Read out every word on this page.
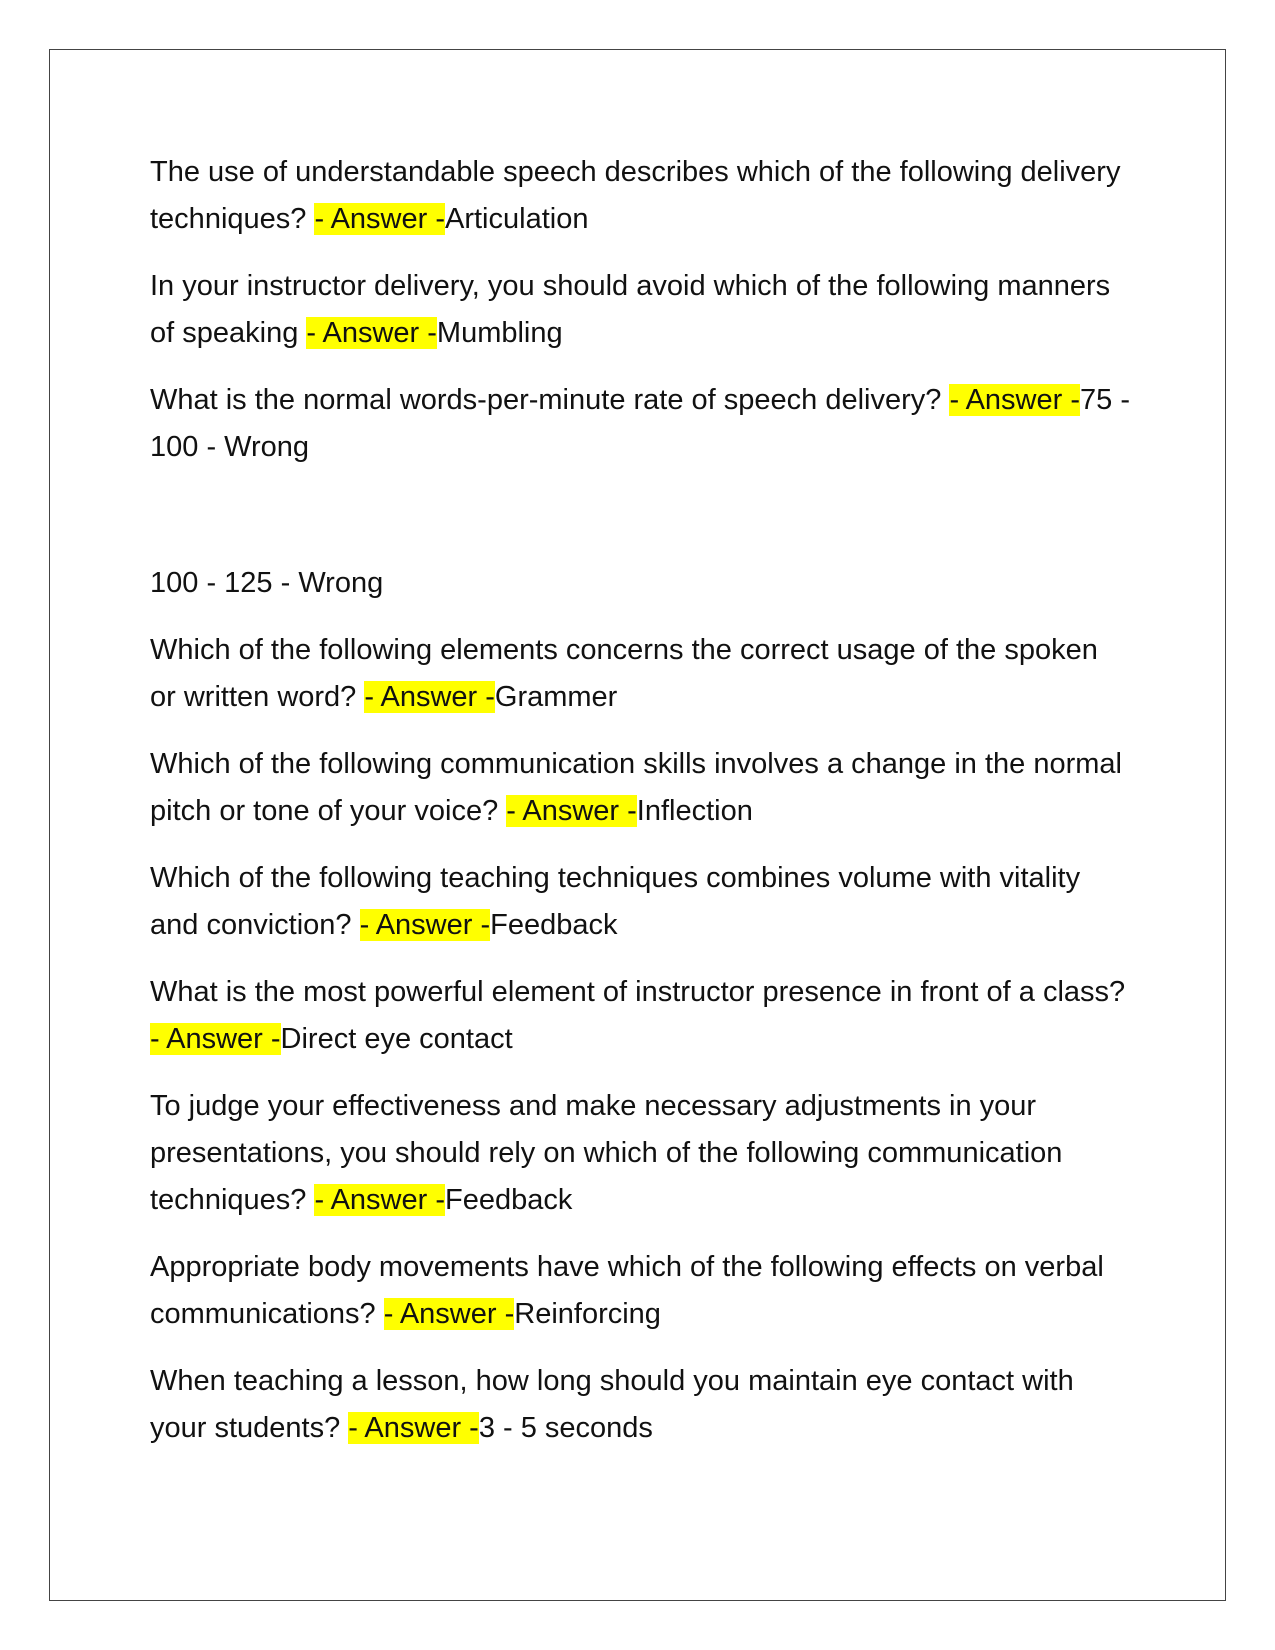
The use of understandable speech describes which of the following delivery techniques? - Answer -Articulation

In your instructor delivery, you should avoid which of the following manners of speaking - Answer -Mumbling

What is the normal words-per-minute rate of speech delivery? - Answer -75 - 100 - Wrong

100 - 125 - Wrong

Which of the following elements concerns the correct usage of the spoken or written word? - Answer -Grammer

Which of the following communication skills involves a change in the normal pitch or tone of your voice? - Answer -Inflection

Which of the following teaching techniques combines volume with vitality and conviction? - Answer -Feedback

What is the most powerful element of instructor presence in front of a class? - Answer -Direct eye contact

To judge your effectiveness and make necessary adjustments in your presentations, you should rely on which of the following communication techniques? - Answer -Feedback

Appropriate body movements have which of the following effects on verbal communications? - Answer -Reinforcing

When teaching a lesson, how long should you maintain eye contact with your students? - Answer -3 - 5 seconds
